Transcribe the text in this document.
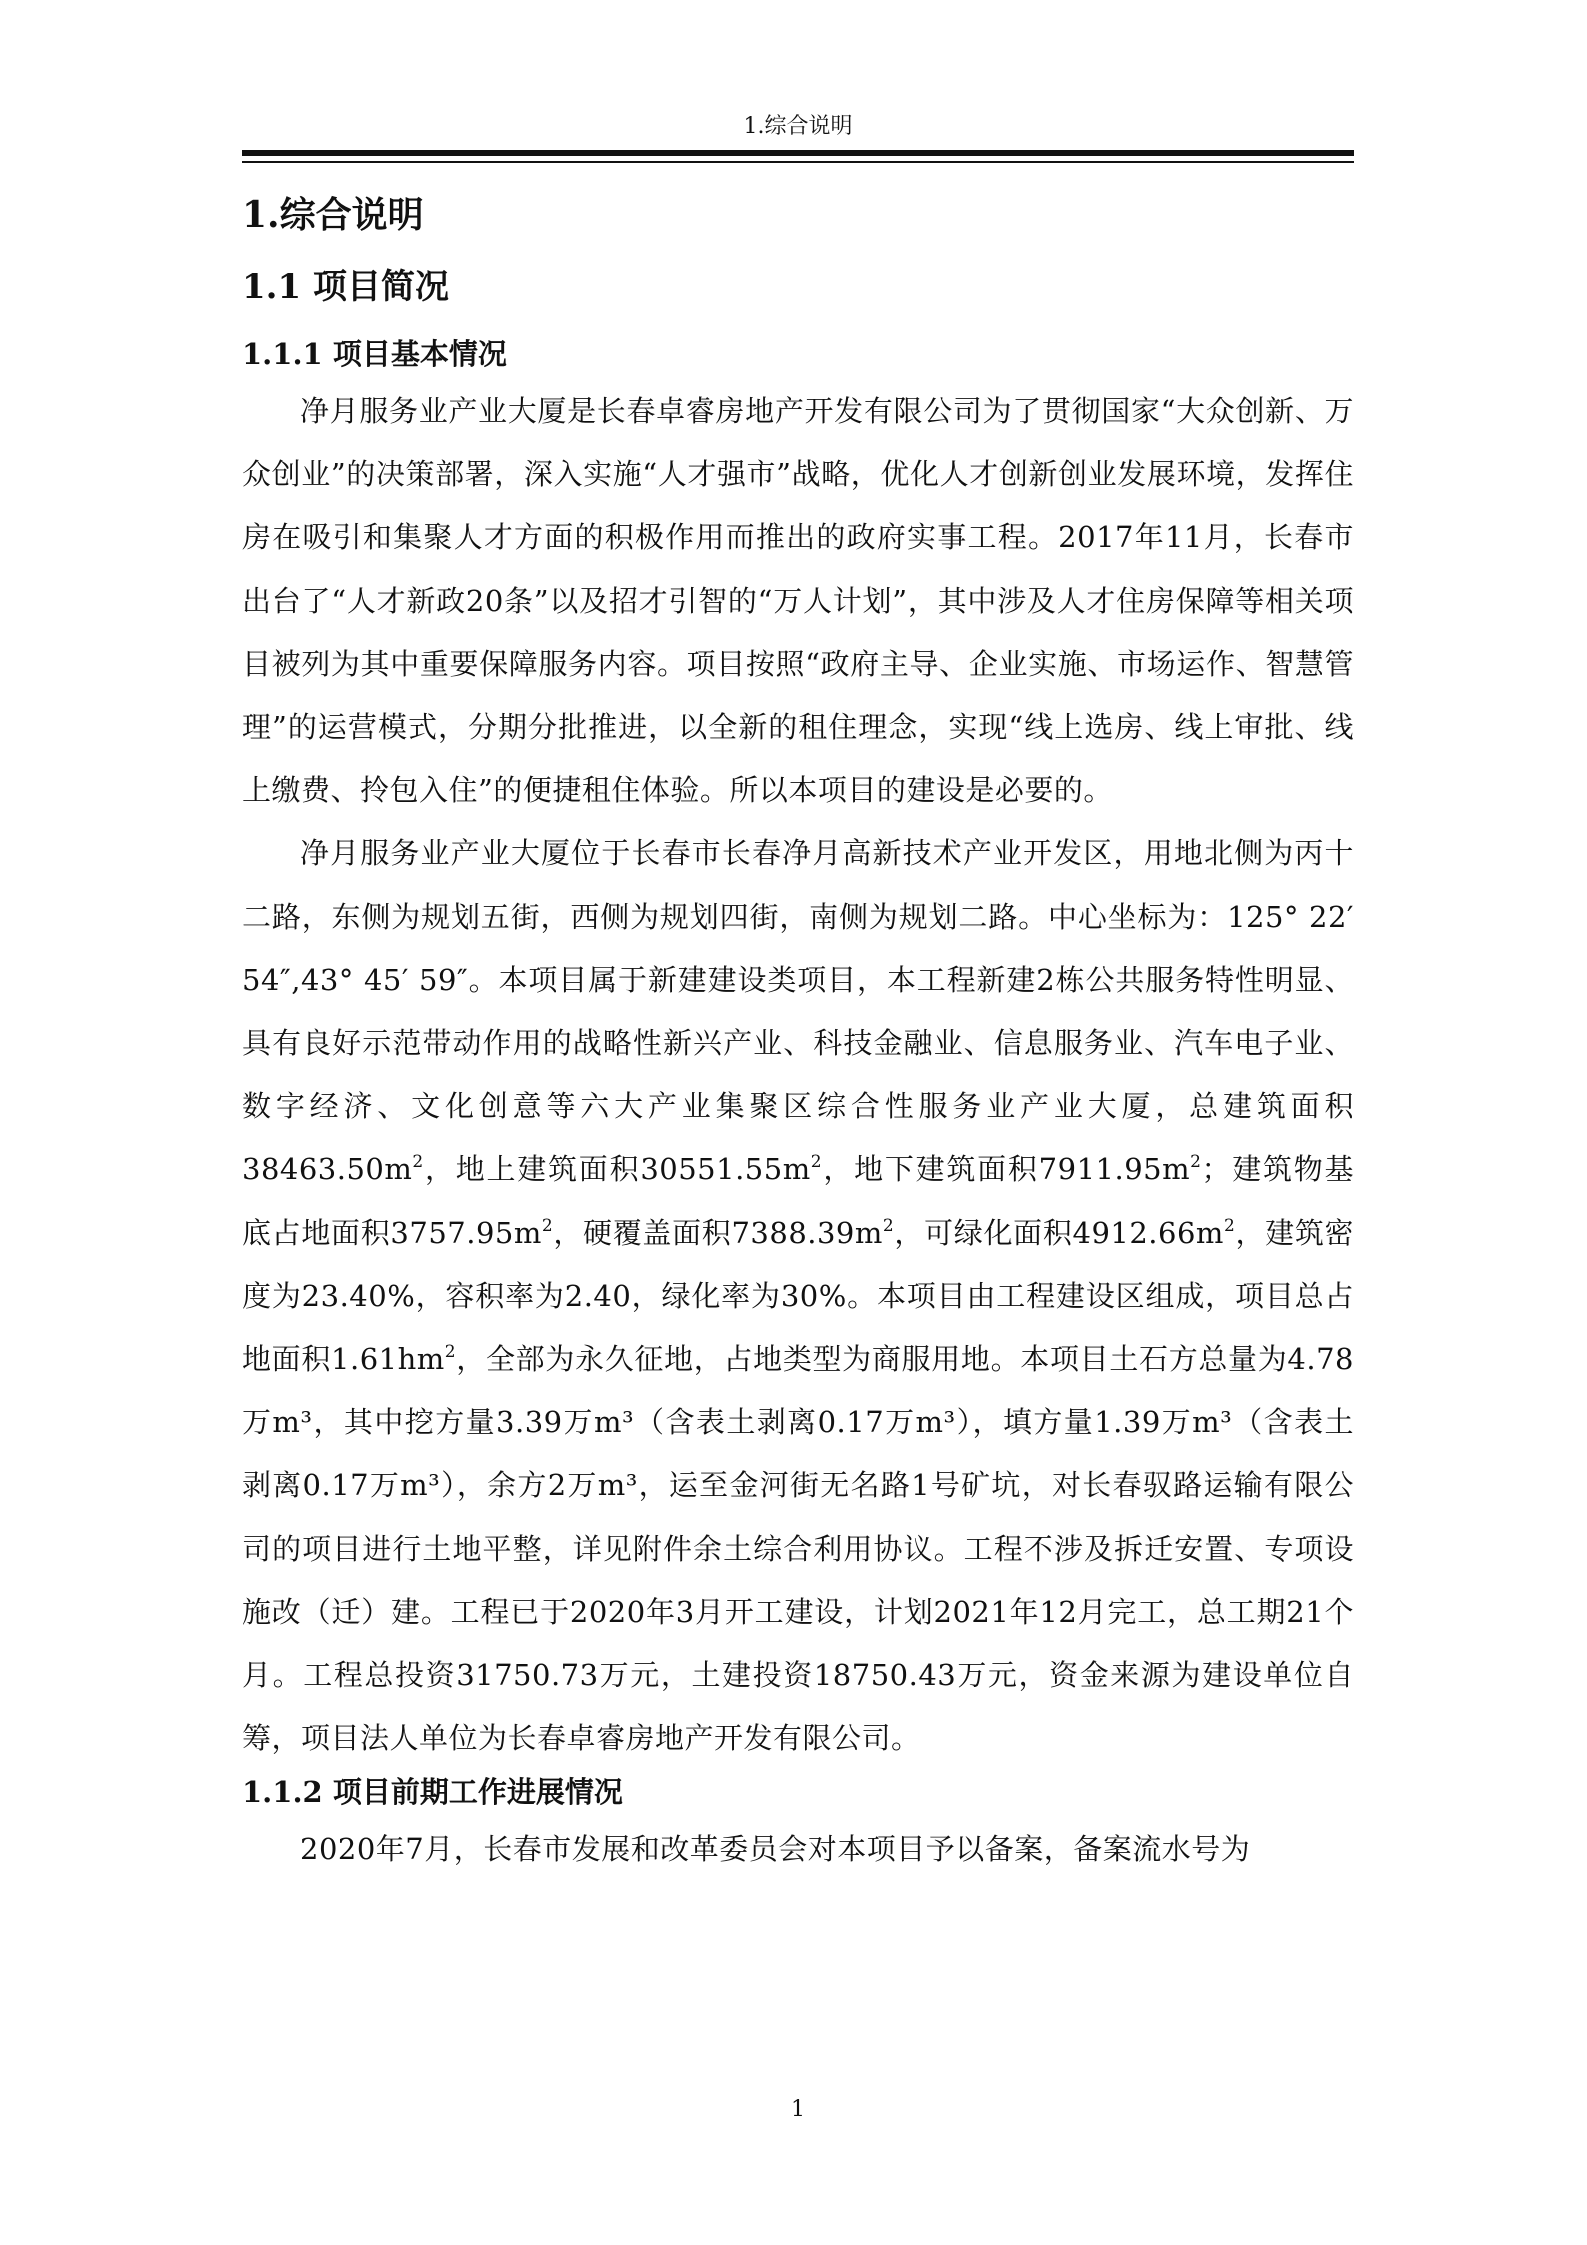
1.综合说明
1.综合说明
1.1 项目简况
1.1.1 项目基本情况

净月服务业产业大厦是长春卓睿房地产开发有限公司为了贯彻国家“大众创新、万众创业”的决策部署，深入实施“人才强市”战略，优化人才创新创业发展环境，发挥住房在吸引和集聚人才方面的积极作用而推出的政府实事工程。2017年11月，长春市出台了“人才新政20条”以及招才引智的“万人计划”，其中涉及人才住房保障等相关项目被列为其中重要保障服务内容。项目按照“政府主导、企业实施、市场运作、智慧管理”的运营模式，分期分批推进，以全新的租住理念，实现“线上选房、线上审批、线上缴费、拎包入住”的便捷租住体验。所以本项目的建设是必要的。

净月服务业产业大厦位于长春市长春净月高新技术产业开发区，用地北侧为丙十二路，东侧为规划五街，西侧为规划四街，南侧为规划二路。中心坐标为：125° 22′ 54″,43° 45′ 59″。本项目属于新建建设类项目，本工程新建2栋公共服务特性明显、具有良好示范带动作用的战略性新兴产业、科技金融业、信息服务业、汽车电子业、数字经济、文化创意等六大产业集聚区综合性服务业产业大厦，总建筑面积$38463.50m^2$，地上建筑面积$30551.55m^2$，地下建筑面积$7911.95m^2$；建筑物基底占地面积$3757.95m^2$，硬覆盖面积$7388.39m^2$，可绿化面积$4912.66m^2$，建筑密度为23.40%，容积率为2.40，绿化率为30%。本项目由工程建设区组成，项目总占地面积$1.61hm^2$，全部为永久征地，占地类型为商服用地。本项目土石方总量为4.78万m³，其中挖方量3.39万m³（含表土剥离0.17万m³），填方量1.39万m³（含表土剥离0.17万m³），余方2万m³，运至金河街无名路1号矿坑，对长春驭路运输有限公司的项目进行土地平整，详见附件余土综合利用协议。工程不涉及拆迁安置、专项设施改（迁）建。工程已于2020年3月开工建设，计划2021年12月完工，总工期21个月。工程总投资31750.73万元，土建投资18750.43万元，资金来源为建设单位自筹，项目法人单位为长春卓睿房地产开发有限公司。

1.1.2 项目前期工作进展情况

2020年7月，长春市发展和改革委员会对本项目予以备案，备案流水号为

1
